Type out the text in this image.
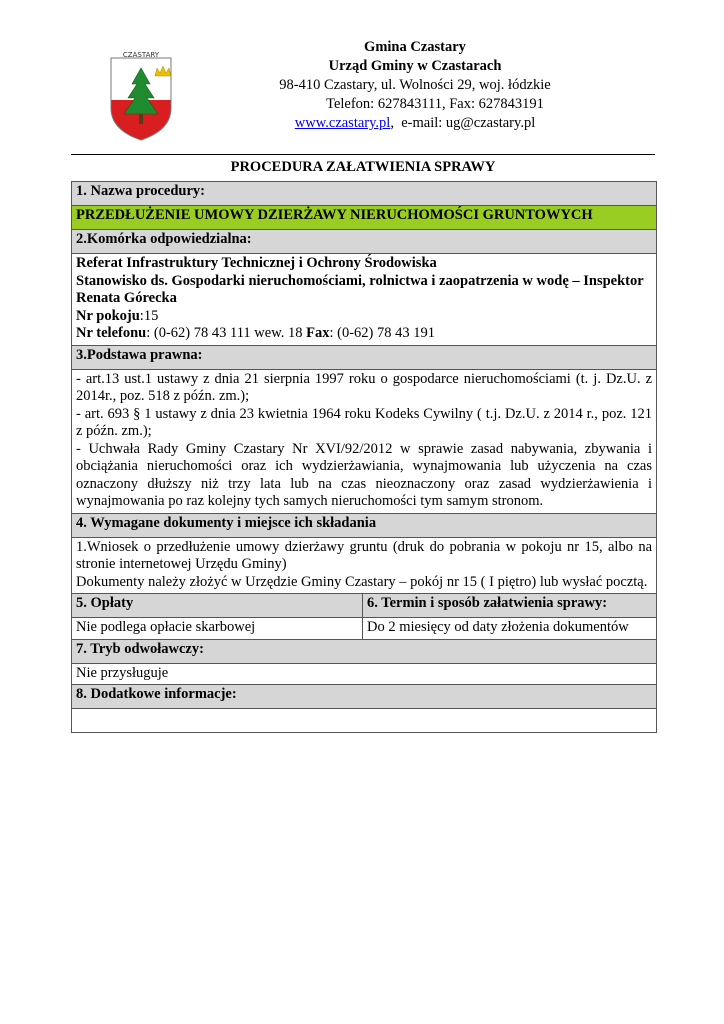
CZASTARY	Gmina Czastary
Urząd Gminy w Czastarach
98-410 Czastary, ul. Wolności 29, woj. łódzkie
Telefon: 627843111, Fax: 627843191
www.czastary.pl, e-mail: ug@czastary.pl
PROCEDURA ZAŁATWIENIA SPRAWY
1. Nazwa procedury:	
PRZEDŁUŻENIE UMOWY DZIERŻAWY NIERUCHOMOŚCI GRUNTOWYCH	
2.Komórka odpowiedzialna:	

Referat Infrastruktury Technicznej i Ochrony Środowiska
Stanowisko ds. Gospodarki nieruchomościami, rolnictwa i zaopatrzenia w wodę – Inspektor Renata Górecka
Nr pokoju:15
Nr telefonu: (0-62) 78 43 111 wew. 18 Fax: (0-62) 78 43 191	

3.Podstawa prawna:	

- art.13 ust.1 ustawy z dnia 21 sierpnia 1997 roku o gospodarce nieruchomościami (t. j. Dz.U. z 2014r., poz. 518 z późn. zm.);
- art. 693 § 1 ustawy z dnia 23 kwietnia 1964 roku Kodeks Cywilny ( t.j. Dz.U. z 2014 r., poz. 121 z późn. zm.);
- Uchwała Rady Gminy Czastary Nr XVI/92/2012 w sprawie zasad nabywania, zbywania i obciążania nieruchomości oraz ich wydzierżawiania, wynajmowania lub użyczenia na czas oznaczony dłuższy niż trzy lata lub na czas nieoznaczony oraz zasad wydzierżawienia i wynajmowania po raz kolejny tych samych nieruchomości tym samym stronom.	

4. Wymagane dokumenty i miejsce ich składania	

1.Wniosek o przedłużenie umowy dzierżawy gruntu (druk do pobrania w pokoju nr 15, albo na stronie internetowej Urzędu Gminy)
Dokumenty należy złożyć w Urzędzie Gminy Czastary – pokój nr 15 ( I piętro) lub wysłać pocztą.	

5. Opłaty	6. Termin i sposób załatwienia sprawy:
Nie podlega opłacie skarbowej	Do 2 miesięcy od daty złożenia dokumentów
7. Tryb odwoławczy:	
Nie przysługuje	
8. Dodatkowe informacje:	
